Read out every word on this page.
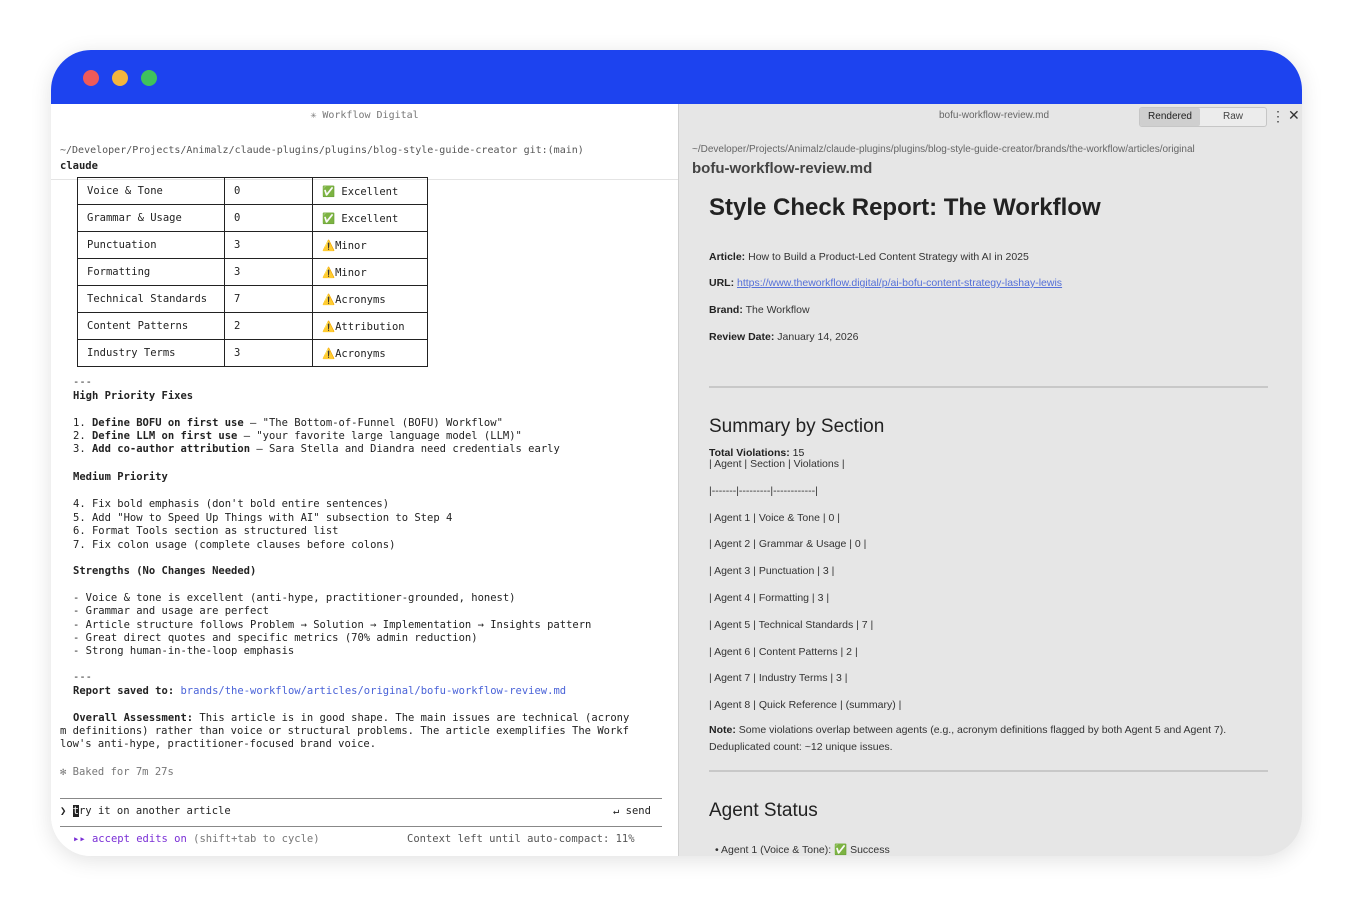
✳ Workflow Digital
~/Developer/Projects/Animalz/claude-plugins/plugins/blog-style-guide-creator git:(main)
claude
Voice & Tone	0	✅ Excellent
Grammar & Usage	0	✅ Excellent
Punctuation	3	⚠️Minor
Formatting	3	⚠️Minor
Technical Standards	7	⚠️Acronyms
Content Patterns	2	⚠️Attribution
Industry Terms	3	⚠️Acronyms
---
High Priority Fixes
1. Define BOFU on first use — "The Bottom-of-Funnel (BOFU) Workflow"
2. Define LLM on first use — "your favorite large language model (LLM)"
3. Add co-author attribution — Sara Stella and Diandra need credentials early
Medium Priority
4. Fix bold emphasis (don't bold entire sentences)
5. Add "How to Speed Up Things with AI" subsection to Step 4
6. Format Tools section as structured list
7. Fix colon usage (complete clauses before colons)
Strengths (No Changes Needed)
- Voice & tone is excellent (anti-hype, practitioner-grounded, honest)
- Grammar and usage are perfect
- Article structure follows Problem → Solution → Implementation → Insights pattern
- Great direct quotes and specific metrics (70% admin reduction)
- Strong human-in-the-loop emphasis
---
Report saved to: brands/the-workflow/articles/original/bofu-workflow-review.md
Overall Assessment: This article is in good shape. The main issues are technical (acrony
m definitions) rather than voice or structural problems. The article exemplifies The Workf
low's anti-hype, practitioner-focused brand voice.
✻ Baked for 7m 27s
❯ try it on another article	↵ send
▸▸ accept edits on (shift+tab to cycle)	Context left until auto-compact: 11%
bofu-workflow-review.md	Rendered	Raw	⋮ ✕
~/Developer/Projects/Animalz/claude-plugins/plugins/blog-style-guide-creator/brands/the-workflow/articles/original
bofu-workflow-review.md
Style Check Report: The Workflow
Article: How to Build a Product-Led Content Strategy with AI in 2025
URL: https://www.theworkflow.digital/p/ai-bofu-content-strategy-lashay-lewis
Brand: The Workflow
Review Date: January 14, 2026
Total Violations: 15
Summary by Section
| Agent | Section | Violations |
|-------|---------|------------|
| Agent 1 | Voice & Tone | 0 |
| Agent 2 | Grammar & Usage | 0 |
| Agent 3 | Punctuation | 3 |
| Agent 4 | Formatting | 3 |
| Agent 5 | Technical Standards | 7 |
| Agent 6 | Content Patterns | 2 |
| Agent 7 | Industry Terms | 3 |
| Agent 8 | Quick Reference | (summary) |
Note: Some violations overlap between agents (e.g., acronym definitions flagged by both Agent 5 and Agent 7).
Deduplicated count: ~12 unique issues.
Agent Status
• Agent 1 (Voice & Tone): ✅ Success
